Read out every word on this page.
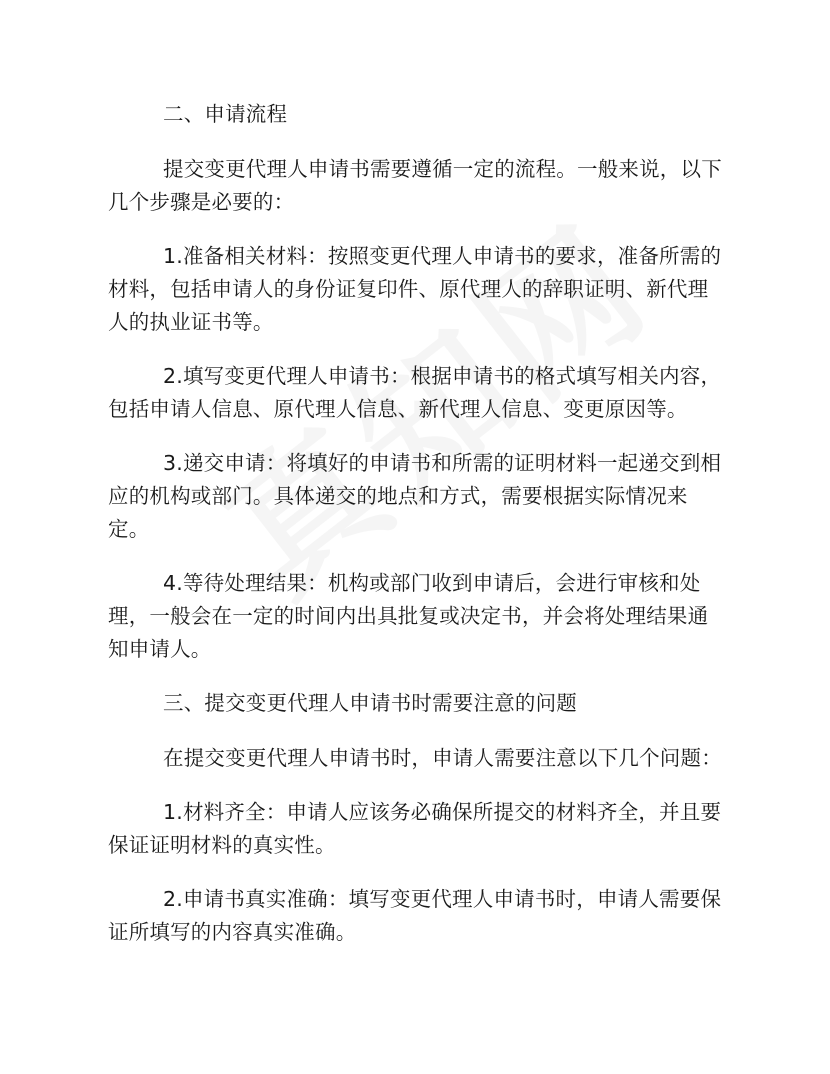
二、申请流程

提交变更代理人申请书需要遵循一定的流程。一般来说，以下几个步骤是必要的：

1.准备相关材料：按照变更代理人申请书的要求，准备所需的材料，包括申请人的身份证复印件、原代理人的辞职证明、新代理人的执业证书等。

2.填写变更代理人申请书：根据申请书的格式填写相关内容，包括申请人信息、原代理人信息、新代理人信息、变更原因等。

3.递交申请：将填好的申请书和所需的证明材料一起递交到相应的机构或部门。具体递交的地点和方式，需要根据实际情况来定。

4.等待处理结果：机构或部门收到申请后，会进行审核和处理，一般会在一定的时间内出具批复或决定书，并会将处理结果通知申请人。

三、提交变更代理人申请书时需要注意的问题

在提交变更代理人申请书时，申请人需要注意以下几个问题：

1.材料齐全：申请人应该务必确保所提交的材料齐全，并且要保证证明材料的真实性。

2.申请书真实准确：填写变更代理人申请书时，申请人需要保证所填写的内容真实准确。
